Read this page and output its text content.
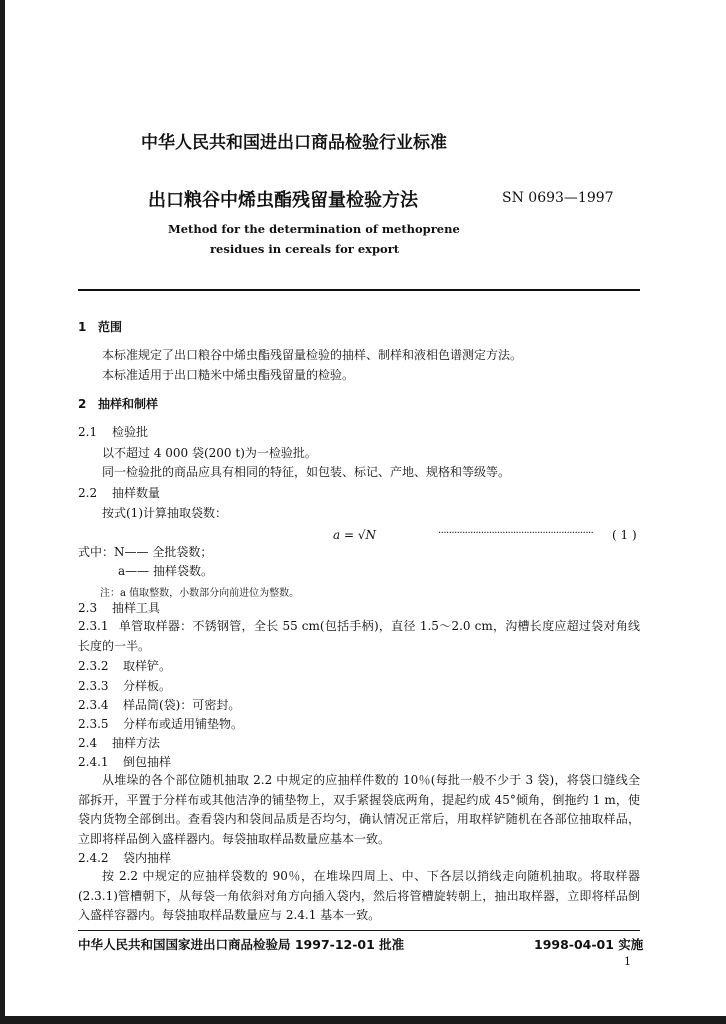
中华人民共和国进出口商品检验行业标准
出口粮谷中烯虫酯残留量检验方法	SN 0693—1997
Method for the determination of methoprene
residues in cereals for export
1 范围
本标准规定了出口粮谷中烯虫酯残留量检验的抽样、制样和液相色谱测定方法。
本标准适用于出口糙米中烯虫酯残留量的检验。
2 抽样和制样
2.1 检验批
以不超过 4 000 袋(200 t)为一检验批。
同一检验批的商品应具有相同的特征，如包装、标记、产地、规格和等级等。
2.2 抽样数量
按式(1)计算抽取袋数：
a = √N	·························································· ( 1 )
式中：N—— 全批袋数；
a—— 抽样袋数。
注：a 值取整数，小数部分向前进位为整数。
2.3 抽样工具
2.3.1 单管取样器：不锈钢管，全长 55 cm(包括手柄)，直径 1.5～2.0 cm，沟槽长度应超过袋对角线长度的一半。
2.3.2 取样铲。
2.3.3 分样板。
2.3.4 样品筒(袋)：可密封。
2.3.5 分样布或适用铺垫物。
2.4 抽样方法
2.4.1 倒包抽样
从堆垛的各个部位随机抽取 2.2 中规定的应抽样件数的 10％(每批一般不少于 3 袋)，将袋口缝线全部拆开，平置于分样布或其他洁净的铺垫物上，双手紧握袋底两角，提起约成 45°倾角，倒拖约 1 m，使袋内货物全部倒出。查看袋内和袋间品质是否均匀，确认情况正常后，用取样铲随机在各部位抽取样品，立即将样品倒入盛样器内。每袋抽取样品数量应基本一致。
2.4.2 袋内抽样
按 2.2 中规定的应抽样袋数的 90％，在堆垛四周上、中、下各层以捎线走向随机抽取。将取样器(2.3.1)管槽朝下，从每袋一角依斜对角方向插入袋内，然后将管槽旋转朝上，抽出取样器，立即将样品倒入盛样容器内。每袋抽取样品数量应与 2.4.1 基本一致。
中华人民共和国国家进出口商品检验局 1997-12-01 批准	1998-04-01 实施
1
